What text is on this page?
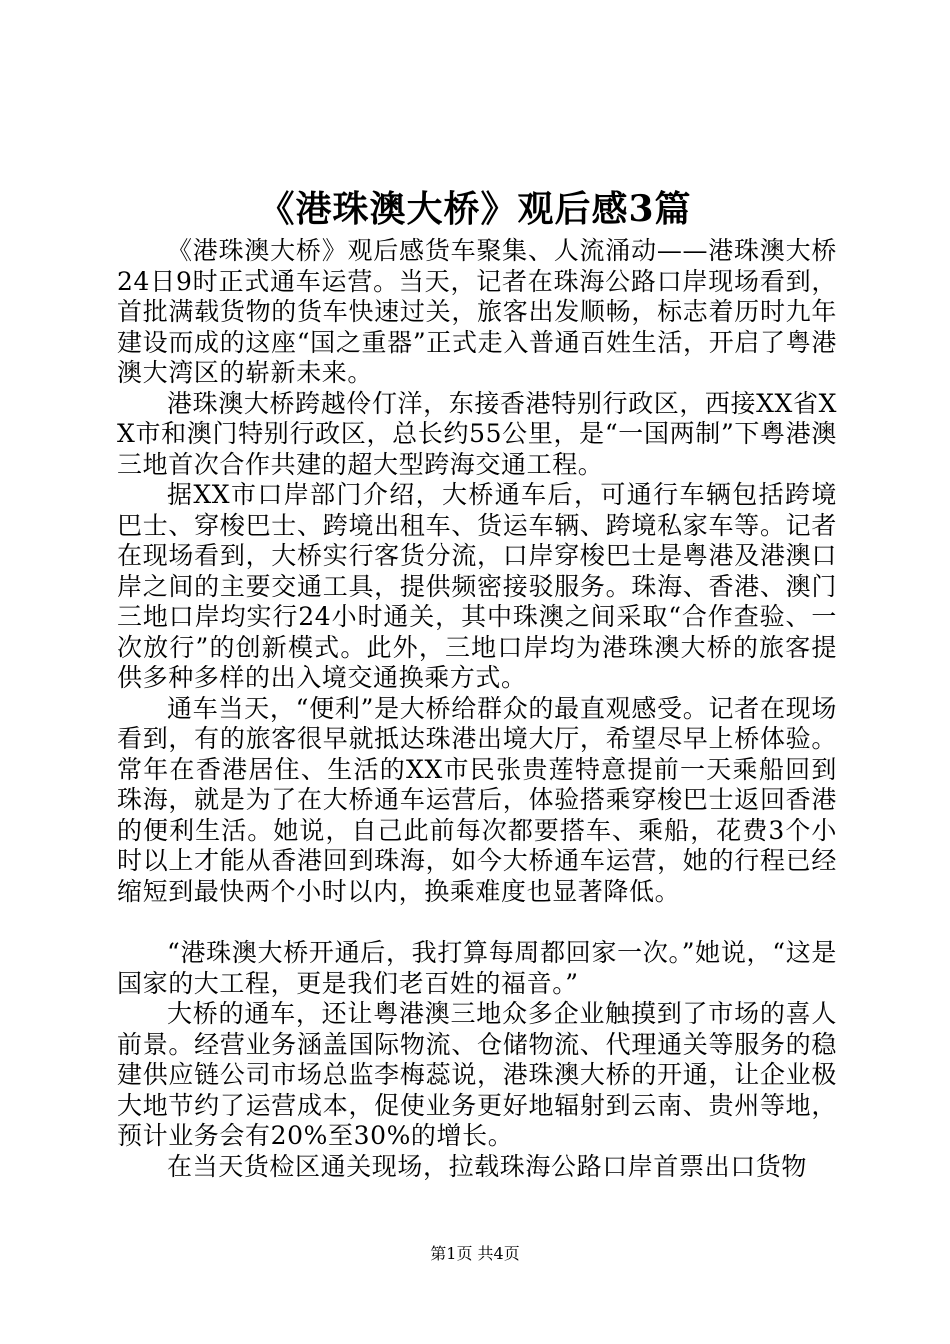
《港珠澳大桥》观后感3篇

《港珠澳大桥》观后感货车聚集、人流涌动——港珠澳大桥24日9时正式通车运营。当天，记者在珠海公路口岸现场看到，首批满载货物的货车快速过关，旅客出发顺畅，标志着历时九年建设而成的这座“国之重器”正式走入普通百姓生活，开启了粤港澳大湾区的崭新未来。

港珠澳大桥跨越伶仃洋，东接香港特别行政区，西接XX省XX市和澳门特别行政区，总长约55公里，是“一国两制”下粤港澳三地首次合作共建的超大型跨海交通工程。

据XX市口岸部门介绍，大桥通车后，可通行车辆包括跨境巴士、穿梭巴士、跨境出租车、货运车辆、跨境私家车等。记者在现场看到，大桥实行客货分流，口岸穿梭巴士是粤港及港澳口岸之间的主要交通工具，提供频密接驳服务。珠海、香港、澳门三地口岸均实行24小时通关，其中珠澳之间采取“合作查验、一次放行”的创新模式。此外，三地口岸均为港珠澳大桥的旅客提供多种多样的出入境交通换乘方式。

通车当天，“便利”是大桥给群众的最直观感受。记者在现场看到，有的旅客很早就抵达珠港出境大厅，希望尽早上桥体验。常年在香港居住、生活的XX市民张贵莲特意提前一天乘船回到珠海，就是为了在大桥通车运营后，体验搭乘穿梭巴士返回香港的便利生活。她说，自己此前每次都要搭车、乘船，花费3个小时以上才能从香港回到珠海，如今大桥通车运营，她的行程已经缩短到最快两个小时以内，换乘难度也显著降低。

“港珠澳大桥开通后，我打算每周都回家一次。”她说，“这是国家的大工程，更是我们老百姓的福音。”

大桥的通车，还让粤港澳三地众多企业触摸到了市场的喜人前景。经营业务涵盖国际物流、仓储物流、代理通关等服务的稳建供应链公司市场总监李梅蕊说，港珠澳大桥的开通，让企业极大地节约了运营成本，促使业务更好地辐射到云南、贵州等地，预计业务会有20%至30%的增长。

在当天货检区通关现场，拉载珠海公路口岸首票出口货物

第1页 共4页
